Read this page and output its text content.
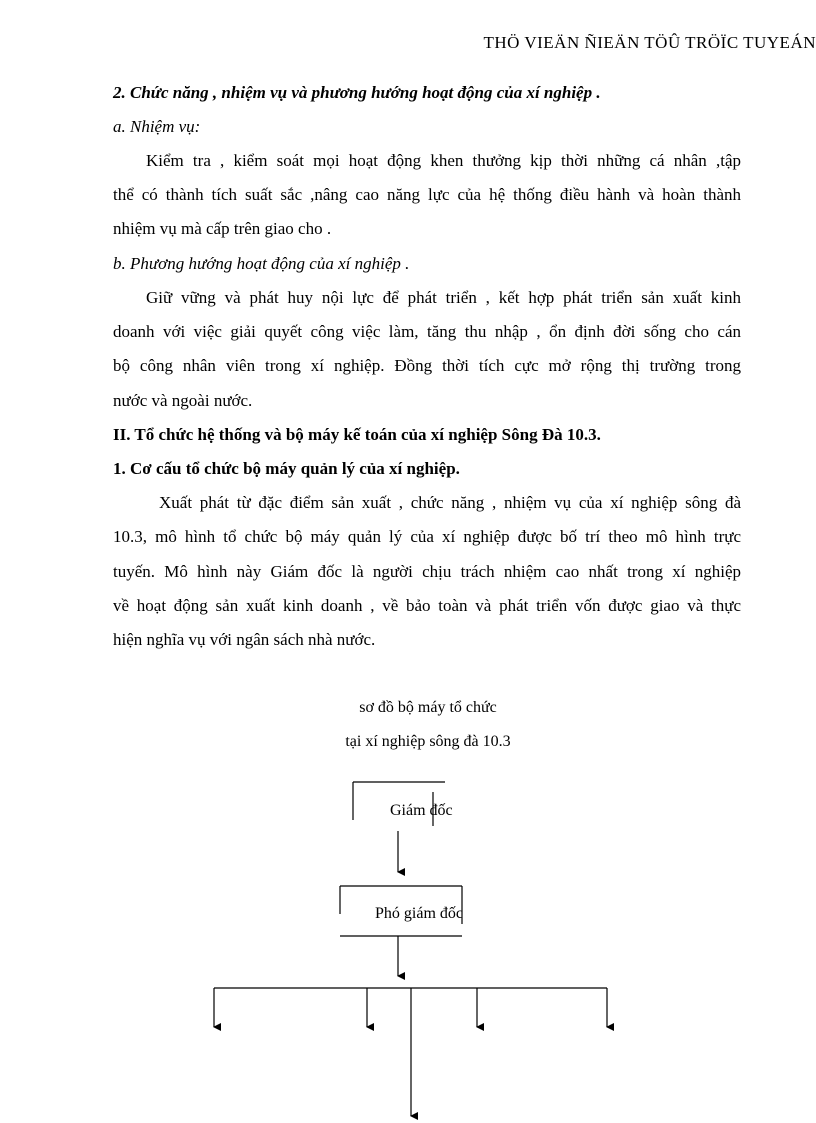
THÖ VIEÄN ÑIEÄN TÖÛ TRÖÏC TUYEÁN
2. Chức năng , nhiệm vụ và phương hướng hoạt động của xí nghiệp .
a. Nhiệm vụ:
Kiểm tra , kiểm soát mọi hoạt động khen thưởng kịp thời những cá nhân ,tập
thể có thành tích suất sắc ,nâng cao năng lực của hệ thống điều hành và hoàn thành
nhiệm vụ mà cấp trên giao cho .
b. Phương hướng hoạt động của xí nghiệp .
Giữ vững và phát huy nội lực để phát triển , kết hợp phát triển sản xuất kinh
doanh với việc giải quyết công việc làm, tăng thu nhập , ổn định đời sống cho cán
bộ công nhân viên trong xí nghiệp. Đồng thời tích cực mở rộng thị trường trong
nước và ngoài nước.
II. Tổ chức hệ thống và bộ máy kế toán của xí nghiệp Sông Đà 10.3.
1. Cơ cấu tổ chức bộ máy quản lý của xí nghiệp.
Xuất phát từ đặc điểm sản xuất , chức năng , nhiệm vụ của xí nghiệp sông đà
10.3, mô hình tổ chức bộ máy quản lý của xí nghiệp được bố trí theo mô hình trực
tuyến. Mô hình này Giám đốc là người chịu trách nhiệm cao nhất trong xí nghiệp
về hoạt động sản xuất kinh doanh , về bảo toàn và phát triển vốn được giao và thực
hiện nghĩa vụ với ngân sách nhà nước.
sơ đồ bộ máy tổ chức
tại xí nghiệp sông đà 10.3
Giám đốc
Phó giám đốc
